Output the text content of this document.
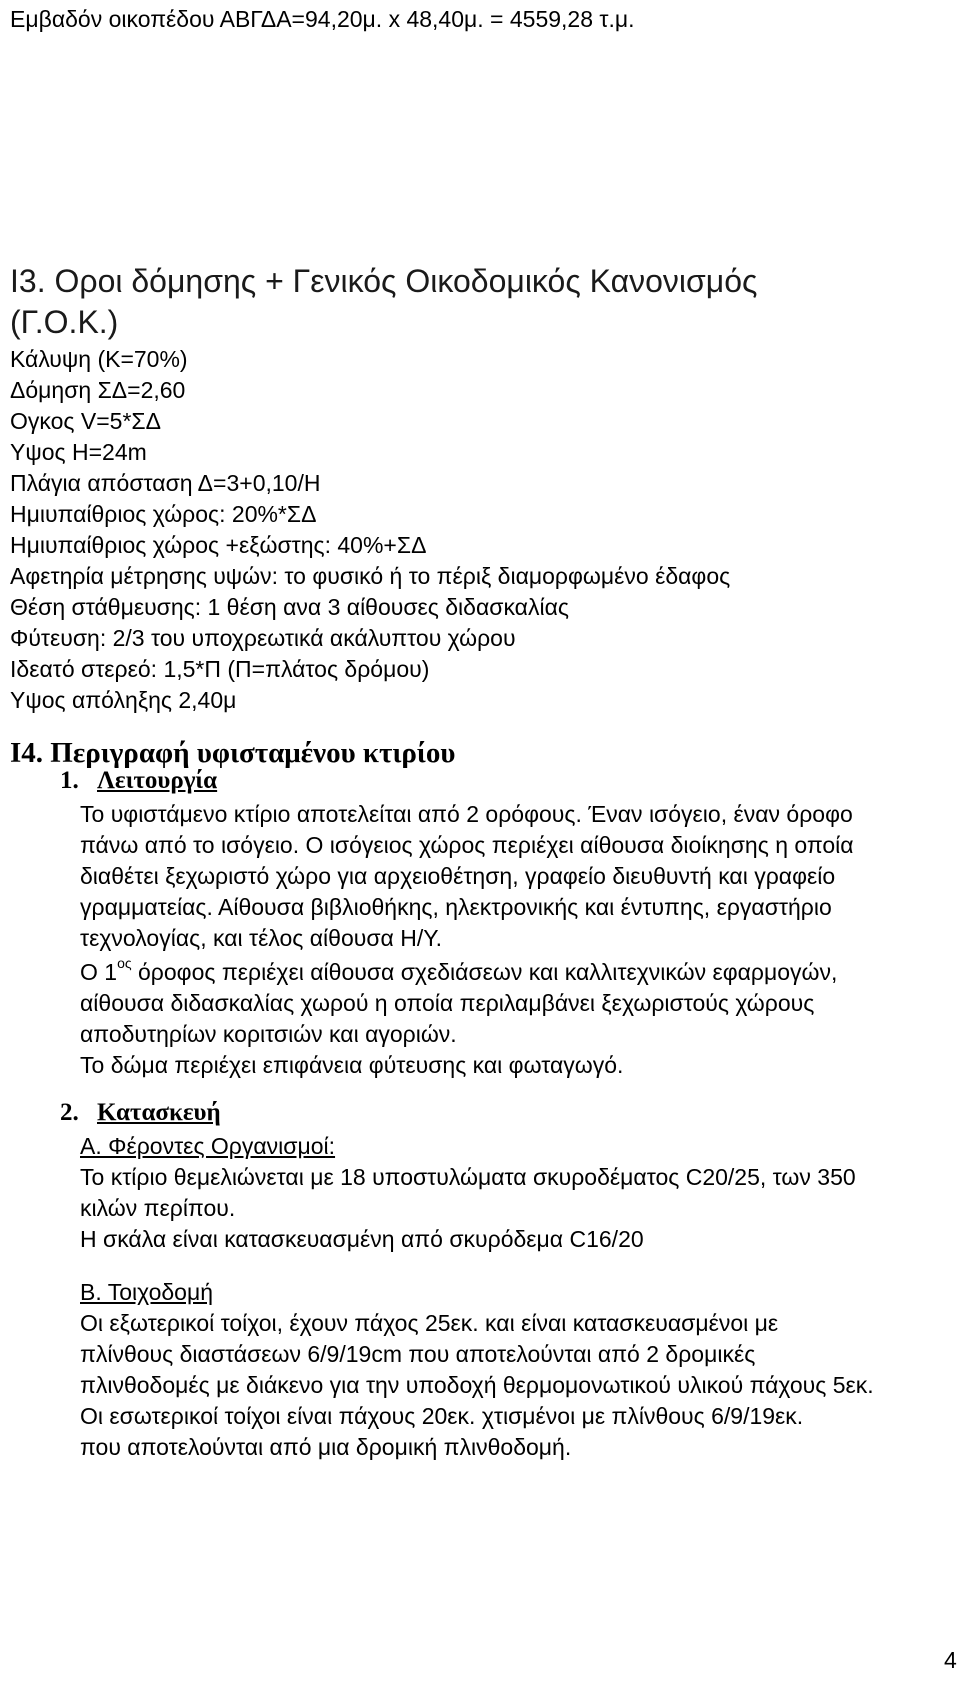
Εμβαδόν οικοπέδου ΑΒΓΔΑ=94,20μ. x 48,40μ. = 4559,28 τ.μ.
Ι3. Οροι δόμησης + Γενικός Οικοδομικός Κανονισμός
(Γ.Ο.Κ.)
Κάλυψη (Κ=70%)
Δόμηση ΣΔ=2,60
Ογκος V=5*ΣΔ
Υψος Η=24m
Πλάγια απόσταση Δ=3+0,10/Η
Ημιυπαίθριος χώρος: 20%*ΣΔ
Ημιυπαίθριος χώρος +εξώστης: 40%+ΣΔ
Αφετηρία μέτρησης υψών: το φυσικό ή το πέριξ διαμορφωμένο έδαφος
Θέση στάθμευσης: 1 θέση ανα 3 αίθουσες διδασκαλίας
Φύτευση: 2/3 του υποχρεωτικά ακάλυπτου χώρου
Ιδεατό στερεό: 1,5*Π (Π=πλάτος δρόμου)
Υψος απόληξης 2,40μ
Ι4. Περιγραφή υφισταμένου κτιρίου
1. Λειτουργία
Το υφιστάμενο κτίριο αποτελείται από 2 ορόφους. Έναν ισόγειο, έναν όροφο
πάνω από το ισόγειο. Ο ισόγειος χώρος περιέχει αίθουσα διοίκησης η οποία
διαθέτει ξεχωριστό χώρο για αρχειοθέτηση, γραφείο διευθυντή και γραφείο
γραμματείας. Αίθουσα βιβλιοθήκης, ηλεκτρονικής και έντυπης, εργαστήριο
τεχνολογίας, και τέλος αίθουσα Η/Υ.
Ο $1^{o\varsigma}$ όροφος περιέχει αίθουσα σχεδιάσεων και καλλιτεχνικών εφαρμογών,
αίθουσα διδασκαλίας χωρού η οποία περιλαμβάνει ξεχωριστούς χώρους
αποδυτηρίων κοριτσιών και αγοριών.
Το δώμα περιέχει επιφάνεια φύτευσης και φωταγωγό.
2. Κατασκευή
Α. Φέροντες Οργανισμοί:
Το κτίριο θεμελιώνεται με 18 υποστυλώματα σκυροδέματος C20/25, των 350
κιλών περίπου.
Η σκάλα είναι κατασκευασμένη από σκυρόδεμα C16/20
Β. Τοιχοδομή
Οι εξωτερικοί τοίχοι, έχουν πάχος 25εκ. και είναι κατασκευασμένοι με
πλίνθους διαστάσεων 6/9/19cm που αποτελούνται από 2 δρομικές
πλινθοδομές με διάκενο για την υποδοχή θερμομονωτικού υλικού πάχους 5εκ.
Οι εσωτερικοί τοίχοι είναι πάχους 20εκ. χτισμένοι με πλίνθους 6/9/19εκ.
που αποτελούνται από μια δρομική πλινθοδομή.
4
